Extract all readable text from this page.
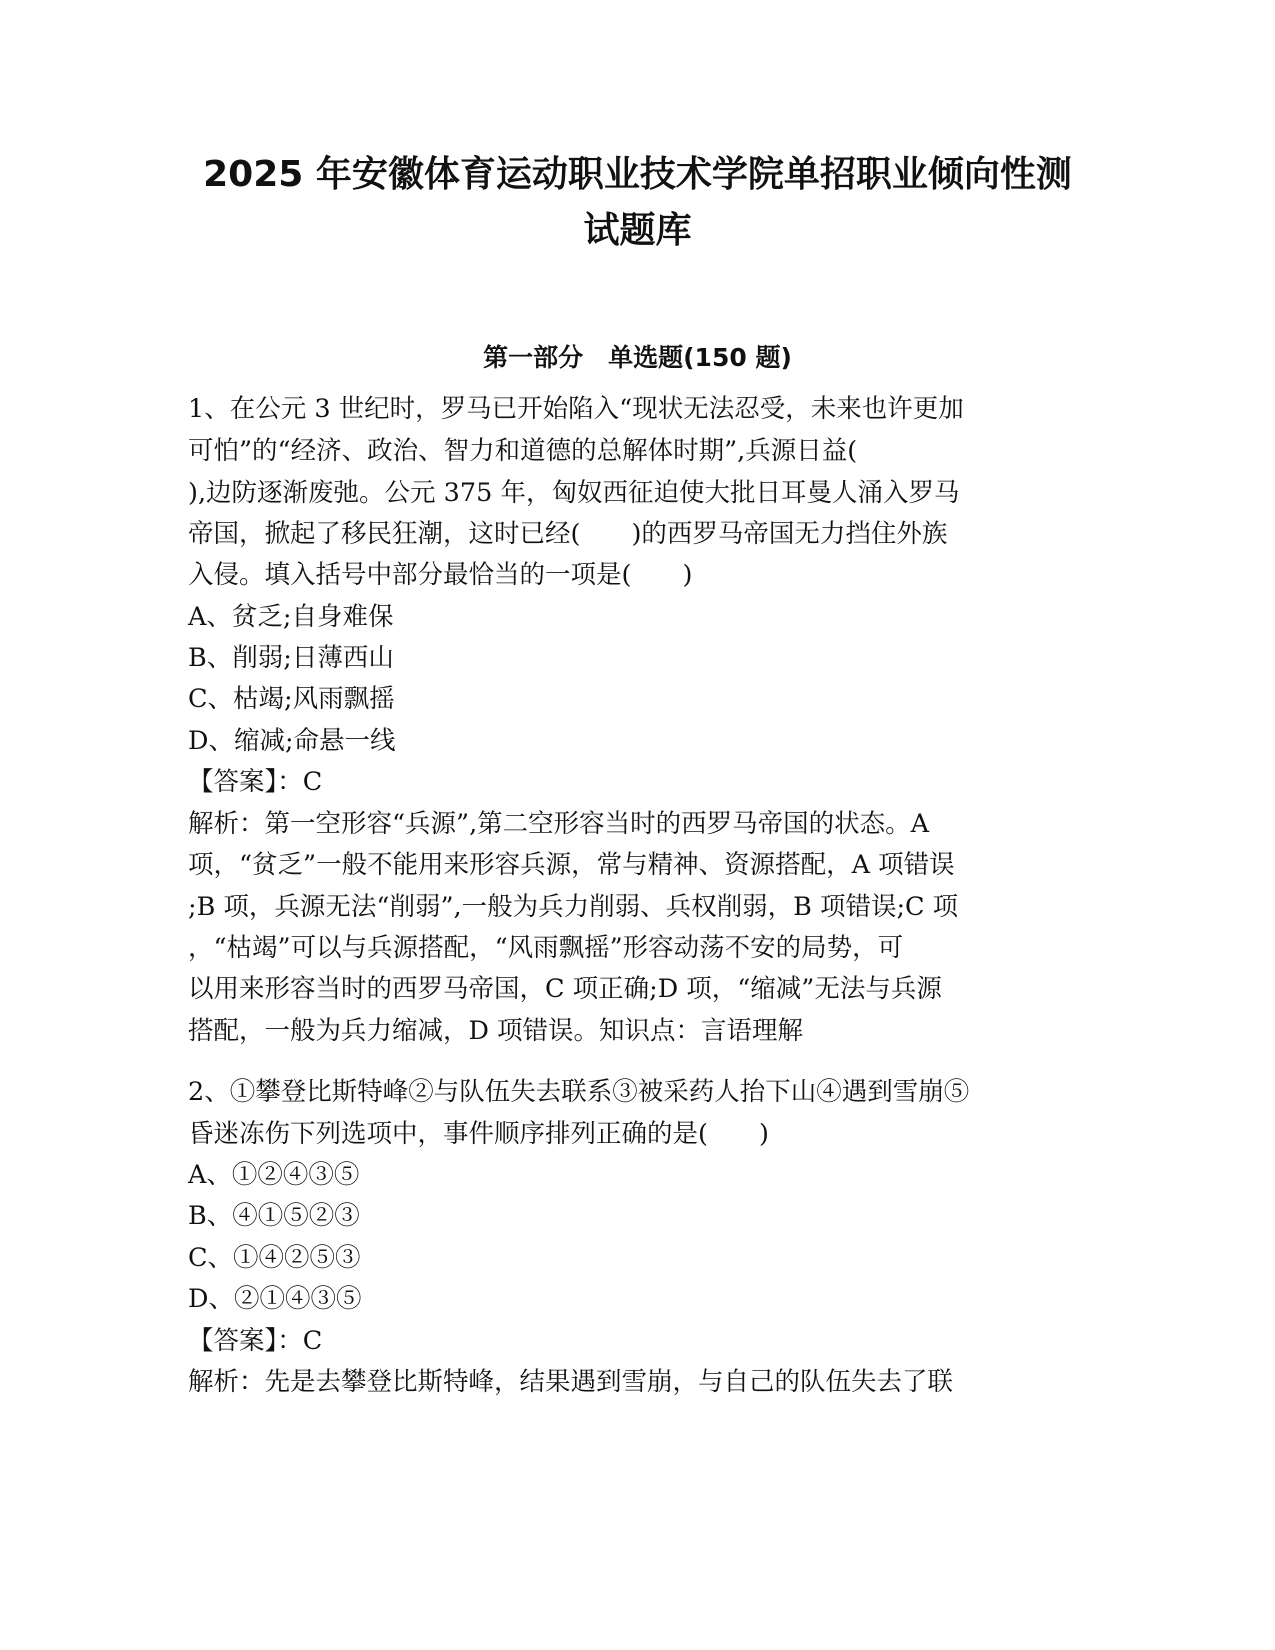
2025 年安徽体育运动职业技术学院单招职业倾向性测
试题库
第一部分　单选题(150 题)

1、在公元 3 世纪时，罗马已开始陷入“现状无法忍受，未来也许更加

可怕”的“经济、政治、智力和道德的总解体时期”,兵源日益(

),边防逐渐废弛。公元 375 年，匈奴西征迫使大批日耳曼人涌入罗马

帝国，掀起了移民狂潮，这时已经(　　)的西罗马帝国无力挡住外族

入侵。填入括号中部分最恰当的一项是(　　)

A、贫乏;自身难保

B、削弱;日薄西山

C、枯竭;风雨飘摇

D、缩减;命悬一线

【答案】：C

解析：第一空形容“兵源”,第二空形容当时的西罗马帝国的状态。A

项，“贫乏”一般不能用来形容兵源，常与精神、资源搭配，A 项错误

;B 项，兵源无法“削弱”,一般为兵力削弱、兵权削弱，B 项错误;C 项

，“枯竭”可以与兵源搭配，“风雨飘摇”形容动荡不安的局势，可

以用来形容当时的西罗马帝国，C 项正确;D 项，“缩减”无法与兵源

搭配，一般为兵力缩减，D 项错误。知识点：言语理解

2、①攀登比斯特峰②与队伍失去联系③被采药人抬下山④遇到雪崩⑤

昏迷冻伤下列选项中，事件顺序排列正确的是(　　)

A、①②④③⑤

B、④①⑤②③

C、①④②⑤③

D、②①④③⑤

【答案】：C

解析：先是去攀登比斯特峰，结果遇到雪崩，与自己的队伍失去了联
